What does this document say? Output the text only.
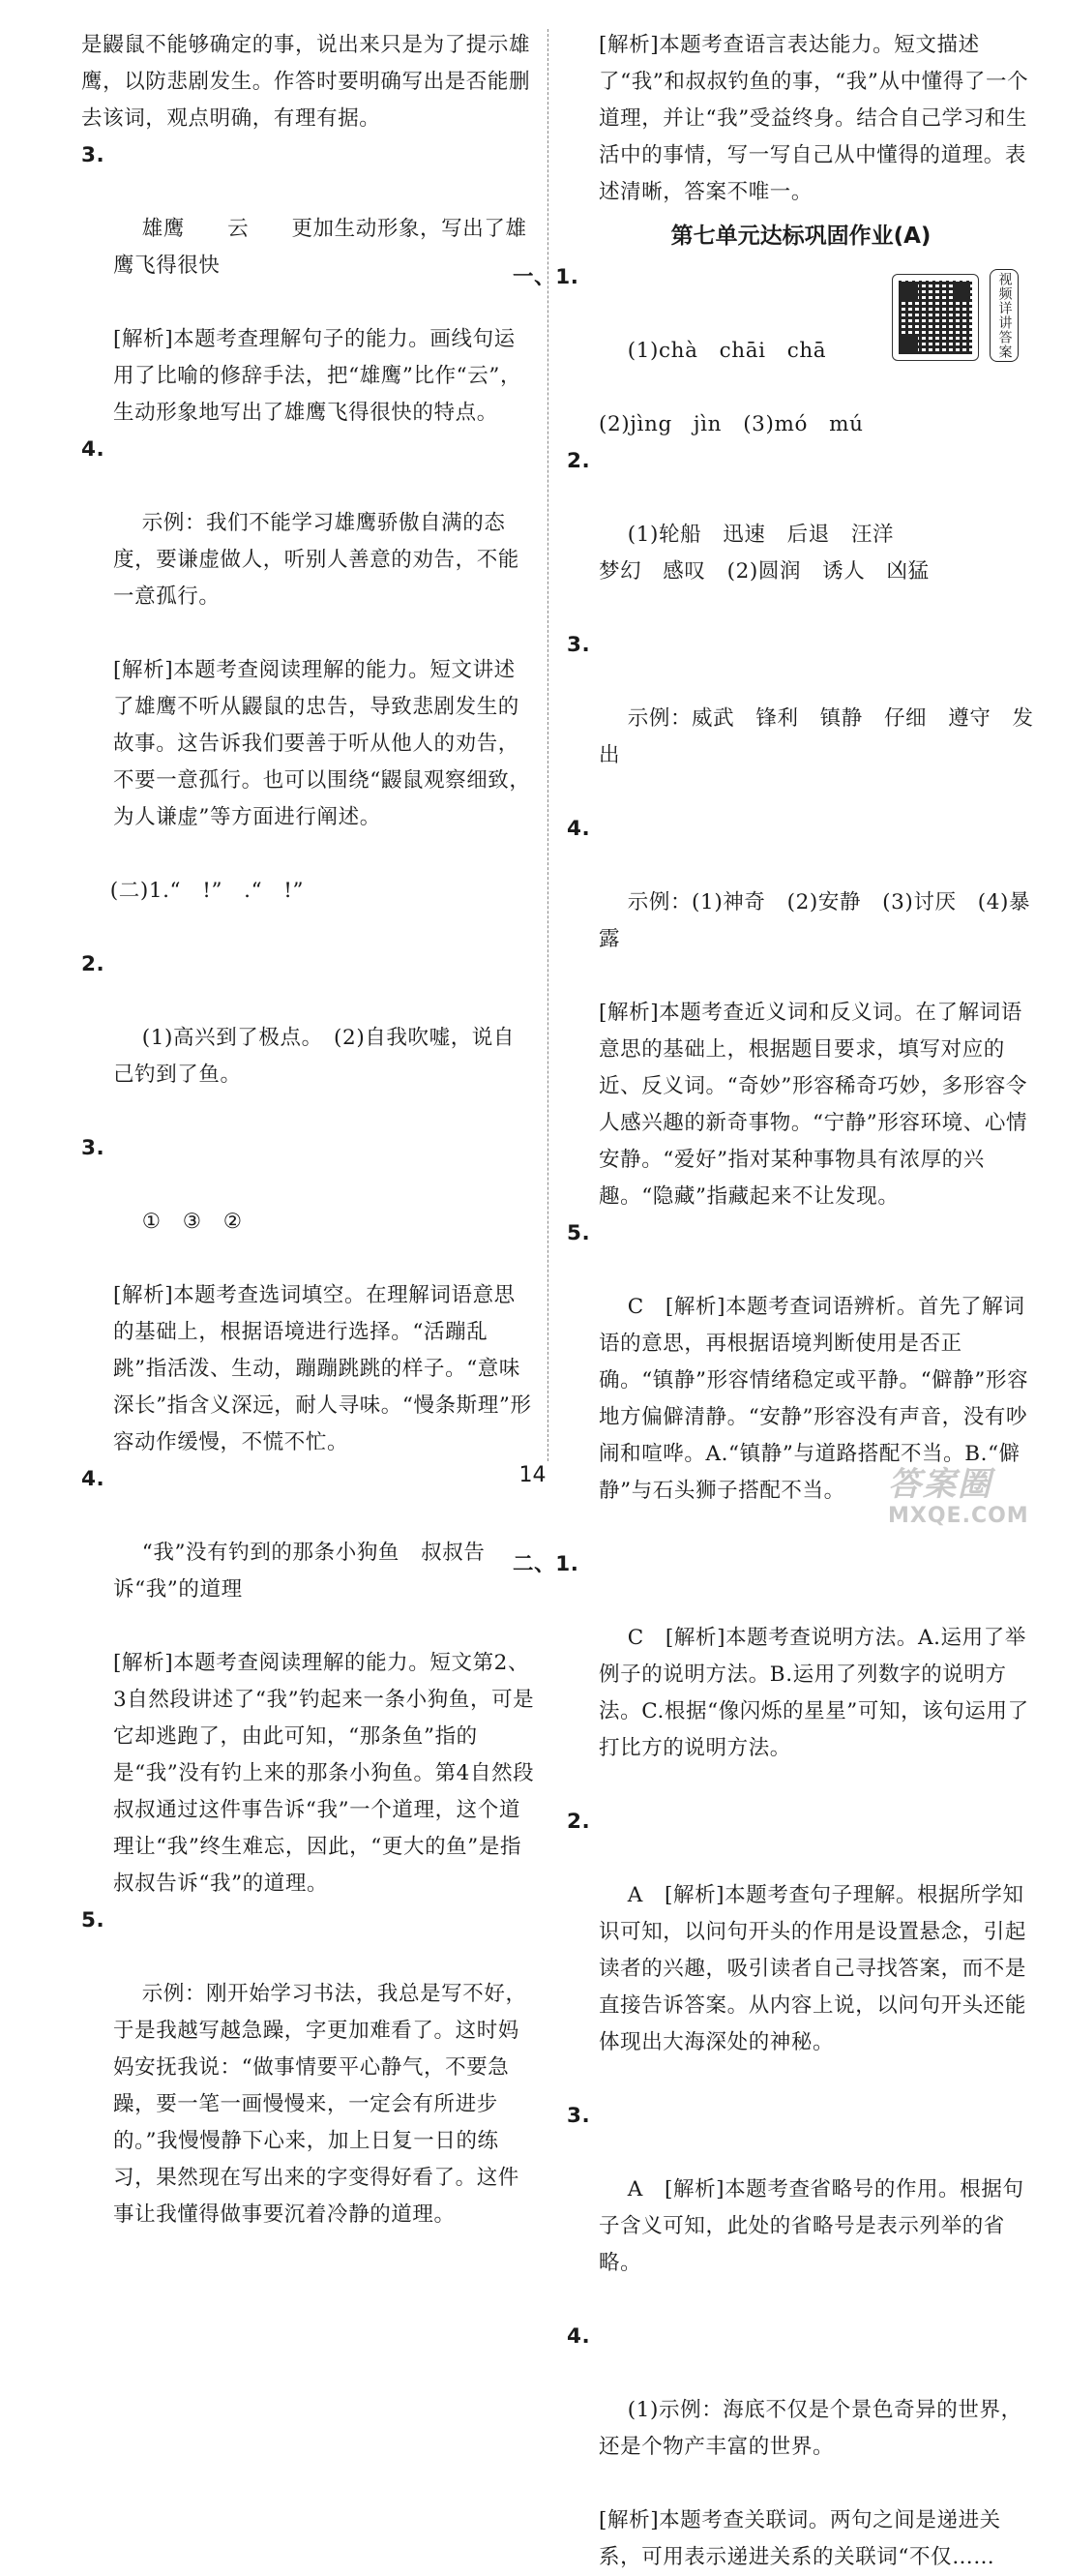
是鼹鼠不能够确定的事，说出来只是为了提示雄鹰，以防悲剧发生。作答时要明确写出是否能删去该词，观点明确，有理有据。

3.

雄鹰　　云　　更加生动形象，写出了雄鹰飞得很快

[解析]本题考查理解句子的能力。画线句运用了比喻的修辞手法，把“雄鹰”比作“云”，生动形象地写出了雄鹰飞得很快的特点。

4.

示例：我们不能学习雄鹰骄傲自满的态度，要谦虚做人，听别人善意的劝告，不能一意孤行。

[解析]本题考查阅读理解的能力。短文讲述了雄鹰不听从鼹鼠的忠告，导致悲剧发生的故事。这告诉我们要善于听从他人的劝告，不要一意孤行。也可以围绕“鼹鼠观察细致，为人谦虚”等方面进行阐述。

(二)1.“　!”　.“　!”

2.

(1)高兴到了极点。　(2)自我吹嘘，说自己钓到了鱼。

3.

①　③　②

[解析]本题考查选词填空。在理解词语意思的基础上，根据语境进行选择。“活蹦乱跳”指活泼、生动，蹦蹦跳跳的样子。“意味深长”指含义深远，耐人寻味。“慢条斯理”形容动作缓慢，不慌不忙。

4.

“我”没有钓到的那条小狗鱼　叔叔告诉“我”的道理

[解析]本题考查阅读理解的能力。短文第2、3自然段讲述了“我”钓起来一条小狗鱼，可是它却逃跑了，由此可知，“那条鱼”指的是“我”没有钓上来的那条小狗鱼。第4自然段叔叔通过这件事告诉“我”一个道理，这个道理让“我”终生难忘，因此，“更大的鱼”是指叔叔告诉“我”的道理。

5.

示例：刚开始学习书法，我总是写不好，于是我越写越急躁，字更加难看了。这时妈妈安抚我说：“做事情要平心静气，不要急躁，要一笔一画慢慢来，一定会有所进步的。”我慢慢静下心来，加上日复一日的练习，果然现在写出来的字变得好看了。这件事让我懂得做事要沉着冷静的道理。

[解析]本题考查语言表达能力。短文描述了“我”和叔叔钓鱼的事，“我”从中懂得了一个道理，并让“我”受益终身。结合自己学习和生活中的事情，写一写自己从中懂得的道理。表述清晰，答案不唯一。

第七单元达标巩固作业(A)

一、1.

(1)chà　chāi　chā

(2)jìng　jìn　(3)mó　mú

2.

(1)轮船　迅速　后退　汪洋
梦幻　感叹　(2)圆润　诱人　凶猛

3.

示例：威武　锋利　镇静　仔细　遵守　发出

4.

示例：(1)神奇　(2)安静　(3)讨厌　(4)暴露

[解析]本题考查近义词和反义词。在了解词语意思的基础上，根据题目要求，填写对应的近、反义词。“奇妙”形容稀奇巧妙，多形容令人感兴趣的新奇事物。“宁静”形容环境、心情安静。“爱好”指对某种事物具有浓厚的兴趣。“隐藏”指藏起来不让发现。

5.

C　[解析]本题考查词语辨析。首先了解词语的意思，再根据语境判断使用是否正确。“镇静”形容情绪稳定或平静。“僻静”形容地方偏僻清静。“安静”形容没有声音，没有吵闹和喧哗。A.“镇静”与道路搭配不当。B.“僻静”与石头狮子搭配不当。

二、1.

C　[解析]本题考查说明方法。A.运用了举例子的说明方法。B.运用了列数字的说明方法。C.根据“像闪烁的星星”可知，该句运用了打比方的说明方法。

2.

A　[解析]本题考查句子理解。根据所学知识可知，以问句开头的作用是设置悬念，引起读者的兴趣，吸引读者自己寻找答案，而不是直接告诉答案。从内容上说，以问句开头还能体现出大海深处的神秘。

3.

A　[解析]本题考查省略号的作用。根据句子含义可知，此处的省略号是表示列举的省略。

4.

(1)示例：海底不仅是个景色奇异的世界，还是个物产丰富的世界。

[解析]本题考查关联词。两句之间是递进关系，可用表示递进关系的关联词“不仅……

视频详讲答案
14	答案圈
MXQE.COM
